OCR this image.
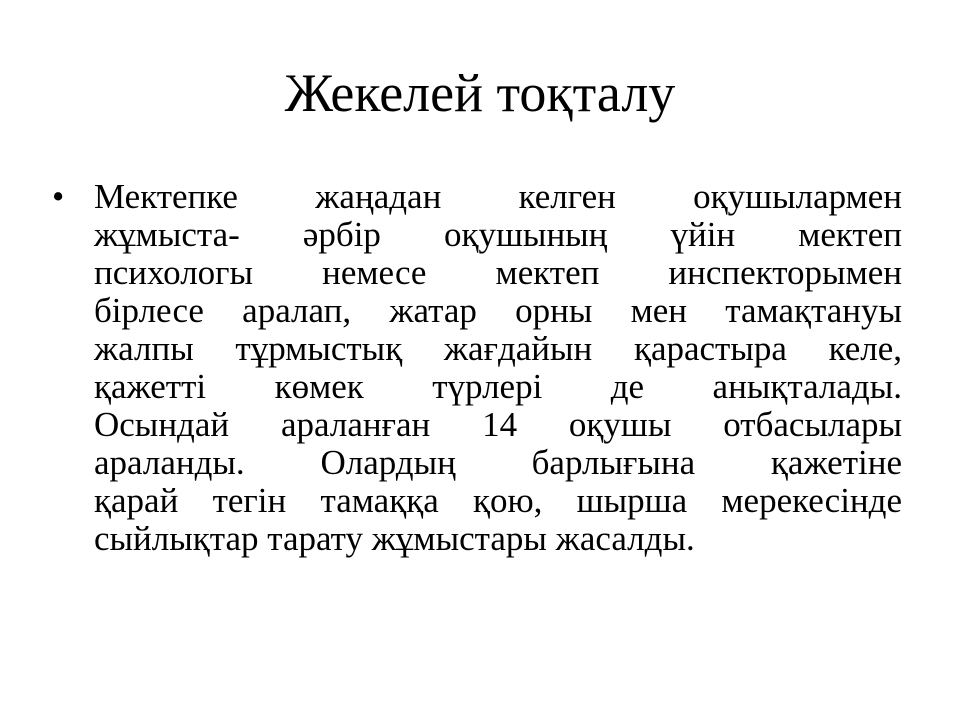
Жекелей тоқталу
• Мектепке жаңадан келген оқушылармен
жұмыста- әрбір оқушының үйін мектеп
психологы немесе мектеп инспекторымен
бірлесе аралап, жатар орны мен тамақтануы
жалпы тұрмыстық жағдайын қарастыра келе,
қажетті көмек түрлері де анықталады.
Осындай араланған 14 оқушы отбасылары
араланды. Олардың барлығына қажетіне
қарай тегін тамаққа қою, шырша мерекесінде
сыйлықтар тарату жұмыстары жасалды.
